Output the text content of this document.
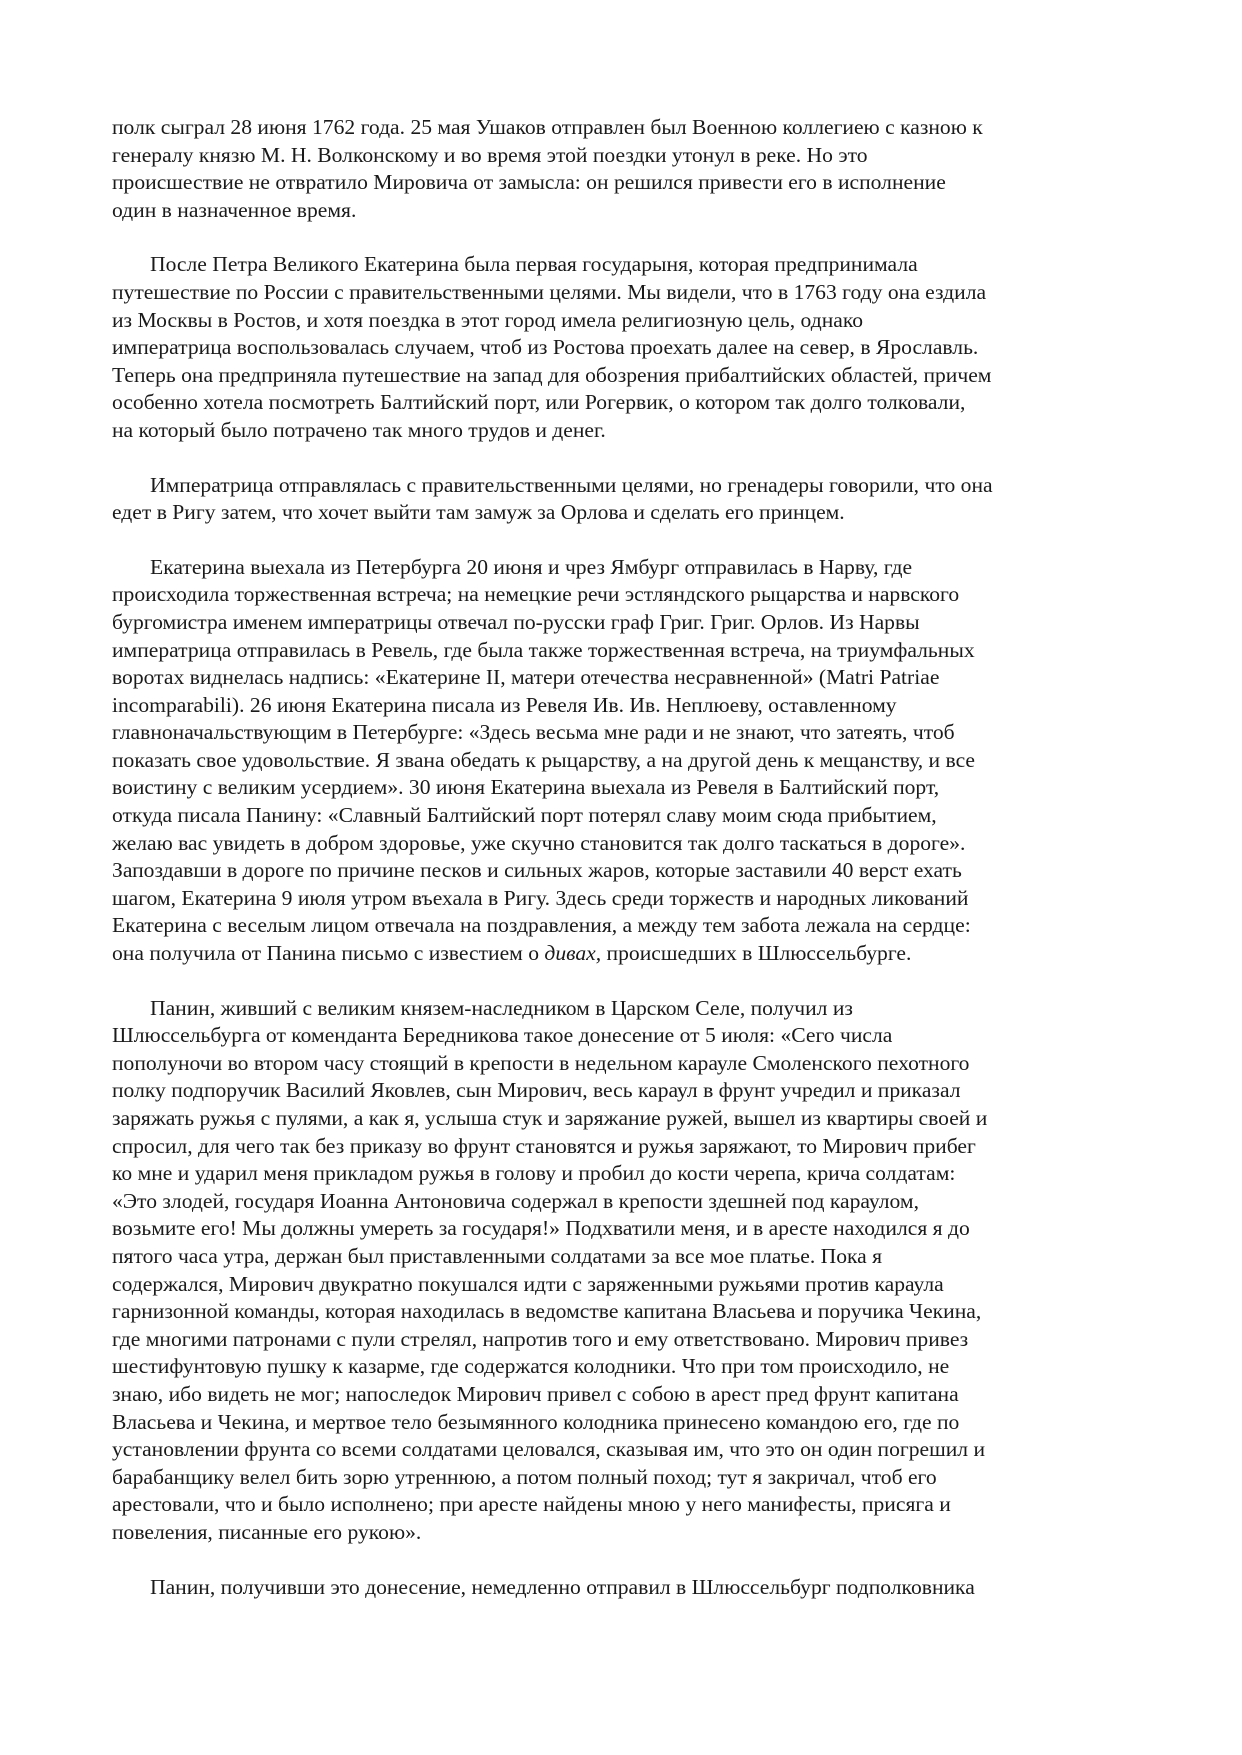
полк сыграл 28 июня 1762 года. 25 мая Ушаков отправлен был Военною коллегиею с казною к
генералу князю М. Н. Волконскому и во время этой поездки утонул в реке. Но это
происшествие не отвратило Мировича от замысла: он решился привести его в исполнение
один в назначенное время.

После Петра Великого Екатерина была первая государыня, которая предпринимала
путешествие по России с правительственными целями. Мы видели, что в 1763 году она ездила
из Москвы в Ростов, и хотя поездка в этот город имела религиозную цель, однако
императрица воспользовалась случаем, чтоб из Ростова проехать далее на север, в Ярославль.
Теперь она предприняла путешествие на запад для обозрения прибалтийских областей, причем
особенно хотела посмотреть Балтийский порт, или Рогервик, о котором так долго толковали,
на который было потрачено так много трудов и денег.

Императрица отправлялась с правительственными целями, но гренадеры говорили, что она
едет в Ригу затем, что хочет выйти там замуж за Орлова и сделать его принцем.

Екатерина выехала из Петербурга 20 июня и чрез Ямбург отправилась в Нарву, где
происходила торжественная встреча; на немецкие речи эстляндского рыцарства и нарвского
бургомистра именем императрицы отвечал по-русски граф Григ. Григ. Орлов. Из Нарвы
императрица отправилась в Ревель, где была также торжественная встреча, на триумфальных
воротах виднелась надпись: «Екатерине II, матери отечества несравненной» (Matri Patriae
incomparabili). 26 июня Екатерина писала из Ревеля Ив. Ив. Неплюеву, оставленному
главноначальствующим в Петербурге: «Здесь весьма мне ради и не знают, что затеять, чтоб
показать свое удовольствие. Я звана обедать к рыцарству, а на другой день к мещанству, и все
воистину с великим усердием». 30 июня Екатерина выехала из Ревеля в Балтийский порт,
откуда писала Панину: «Славный Балтийский порт потерял славу моим сюда прибытием,
желаю вас увидеть в добром здоровье, уже скучно становится так долго таскаться в дороге».
Запоздавши в дороге по причине песков и сильных жаров, которые заставили 40 верст ехать
шагом, Екатерина 9 июля утром въехала в Ригу. Здесь среди торжеств и народных ликований
Екатерина с веселым лицом отвечала на поздравления, а между тем забота лежала на сердце:
она получила от Панина письмо с известием о дивах, происшедших в Шлюссельбурге.

Панин, живший с великим князем-наследником в Царском Селе, получил из
Шлюссельбурга от коменданта Бередникова такое донесение от 5 июля: «Сего числа
пополуночи во втором часу стоящий в крепости в недельном карауле Смоленского пехотного
полку подпоручик Василий Яковлев, сын Мирович, весь караул в фрунт учредил и приказал
заряжать ружья с пулями, а как я, услыша стук и заряжание ружей, вышел из квартиры своей и
спросил, для чего так без приказу во фрунт становятся и ружья заряжают, то Мирович прибег
ко мне и ударил меня прикладом ружья в голову и пробил до кости черепа, крича солдатам:
«Это злодей, государя Иоанна Антоновича содержал в крепости здешней под караулом,
возьмите его! Мы должны умереть за государя!» Подхватили меня, и в аресте находился я до
пятого часа утра, держан был приставленными солдатами за все мое платье. Пока я
содержался, Мирович двукратно покушался идти с заряженными ружьями против караула
гарнизонной команды, которая находилась в ведомстве капитана Власьева и поручика Чекина,
где многими патронами с пули стрелял, напротив того и ему ответствовано. Мирович привез
шестифунтовую пушку к казарме, где содержатся колодники. Что при том происходило, не
знаю, ибо видеть не мог; напоследок Мирович привел с собою в арест пред фрунт капитана
Власьева и Чекина, и мертвое тело безымянного колодника принесено командою его, где по
установлении фрунта со всеми солдатами целовался, сказывая им, что это он один погрешил и
барабанщику велел бить зорю утреннюю, а потом полный поход; тут я закричал, чтоб его
арестовали, что и было исполнено; при аресте найдены мною у него манифесты, присяга и
повеления, писанные его рукою».

Панин, получивши это донесение, немедленно отправил в Шлюссельбург подполковника
